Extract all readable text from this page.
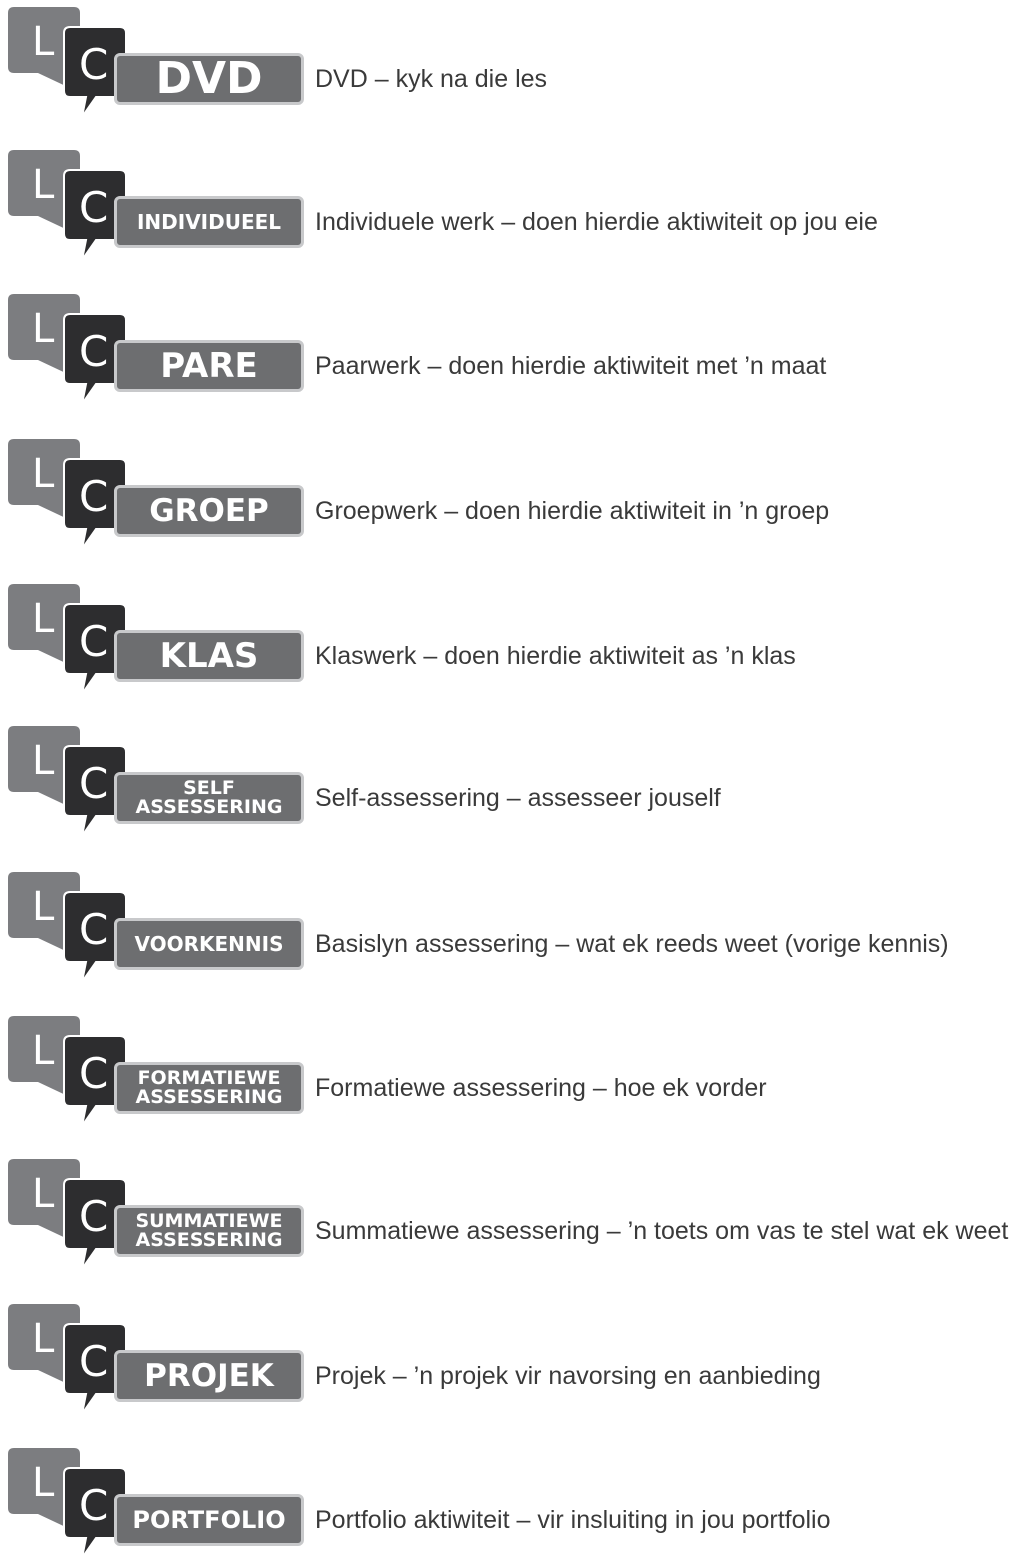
L C DVD DVD – kyk na die les
L C INDIVIDUEEL Individuele werk – doen hierdie aktiwiteit op jou eie
L C PARE Paarwerk – doen hierdie aktiwiteit met ’n maat
L C GROEP Groepwerk – doen hierdie aktiwiteit in ’n groep
L C KLAS Klaswerk – doen hierdie aktiwiteit as ’n klas
L C	SELF
ASSESSERING Self-assessering – assesseer jouself
L C VOORKENNIS Basislyn assessering – wat ek reeds weet (vorige kennis)
L C FORMATIEWE
ASSESSERING Formatiewe assessering – hoe ek vorder
L C SUMMATIEWE
ASSESSERING Summatiewe assessering – ’n toets om vas te stel wat ek weet
L C PROJEK Projek – ’n projek vir navorsing en aanbieding
L C PORTFOLIO Portfolio aktiwiteit – vir insluiting in jou portfolio
